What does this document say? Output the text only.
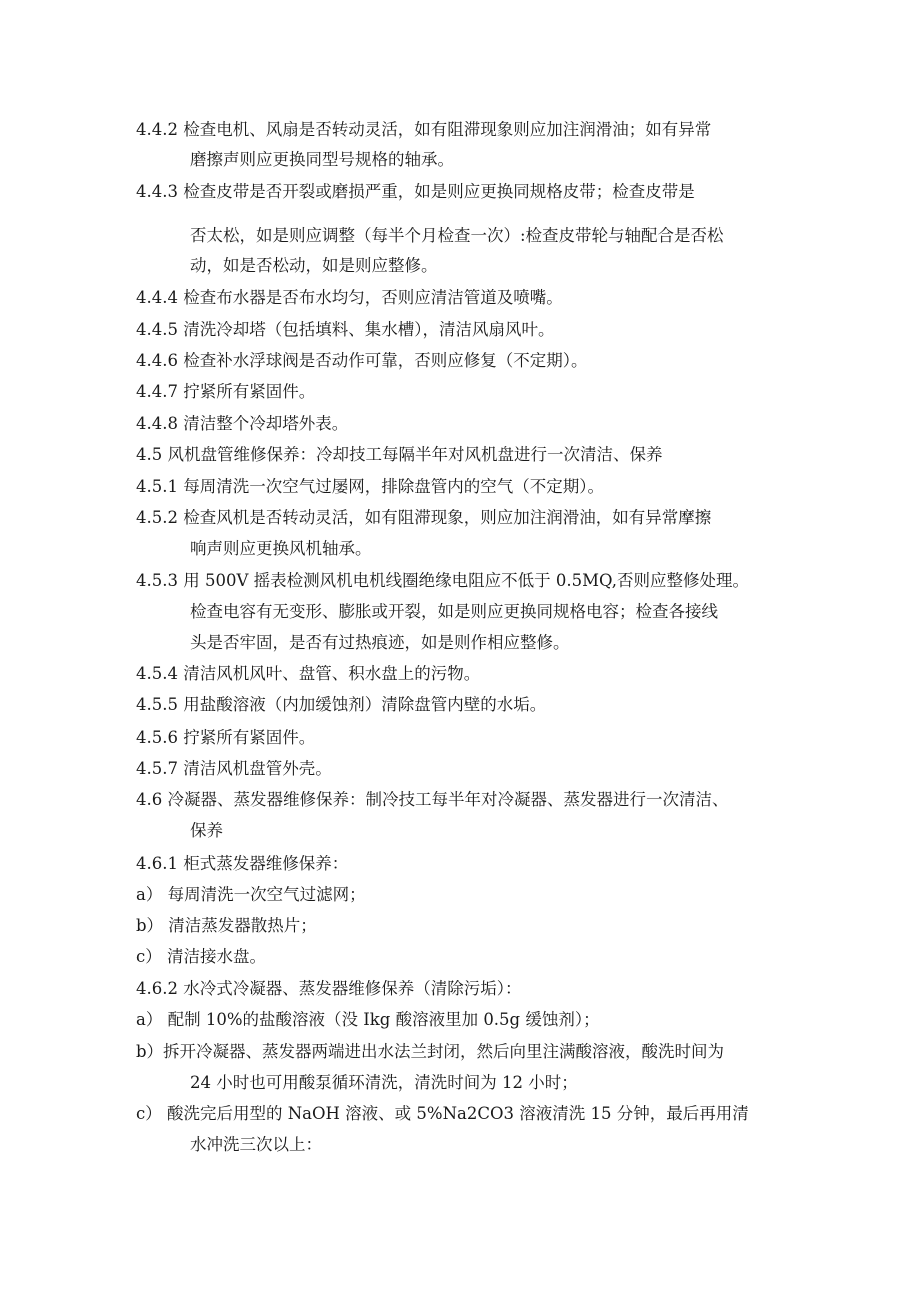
4.4.2 检查电机、风扇是否转动灵活，如有阻滞现象则应加注润滑油；如有异常
磨擦声则应更换同型号规格的轴承。
4.4.3 检查皮带是否开裂或磨损严重，如是则应更换同规格皮带；检查皮带是
否太松，如是则应调整（每半个月检查一次）:检查皮带轮与轴配合是否松
动，如是否松动，如是则应整修。
4.4.4 检查布水器是否布水均匀，否则应清洁管道及喷嘴。
4.4.5 清洗冷却塔（包括填料、集水槽），清洁风扇风叶。
4.4.6 检查补水浮球阀是否动作可靠，否则应修复（不定期）。
4.4.7 拧紧所有紧固件。
4.4.8 清洁整个冷却塔外表。
4.5 风机盘管维修保养：冷却技工每隔半年对风机盘进行一次清洁、保养
4.5.1 每周清洗一次空气过屡网，排除盘管内的空气（不定期）。
4.5.2 检查风机是否转动灵活，如有阻滞现象，则应加注润滑油，如有异常摩擦
响声则应更换风机轴承。
4.5.3 用 500V 摇表检测风机电机线圈绝缘电阻应不低于 0.5MQ,否则应整修处理。
检查电容有无变形、膨胀或开裂，如是则应更换同规格电容；检查各接线
头是否牢固，是否有过热痕迹，如是则作相应整修。
4.5.4 清洁风机风叶、盘管、积水盘上的污物。
4.5.5 用盐酸溶液（内加缓蚀剂）清除盘管内壁的水垢。
4.5.6 拧紧所有紧固件。
4.5.7 清洁风机盘管外壳。
4.6 冷凝器、蒸发器维修保养：制冷技工每半年对冷凝器、蒸发器进行一次清洁、
保养
4.6.1 柜式蒸发器维修保养：
a） 每周清洗一次空气过滤网；
b） 清洁蒸发器散热片；
c） 清洁接水盘。
4.6.2 水冷式冷凝器、蒸发器维修保养（清除污垢）：
a） 配制 10%的盐酸溶液（没 Ikg 酸溶液里加 0.5g 缓蚀剂）；
b）拆开冷凝器、蒸发器两端进出水法兰封闭，然后向里注满酸溶液，酸洗时间为
24 小时也可用酸泵循环清洗，清洗时间为 12 小时；
c） 酸洗完后用型的 NaOH 溶液、或 5%Na2CO3 溶液清洗 15 分钟，最后再用清
水冲洗三次以上：
